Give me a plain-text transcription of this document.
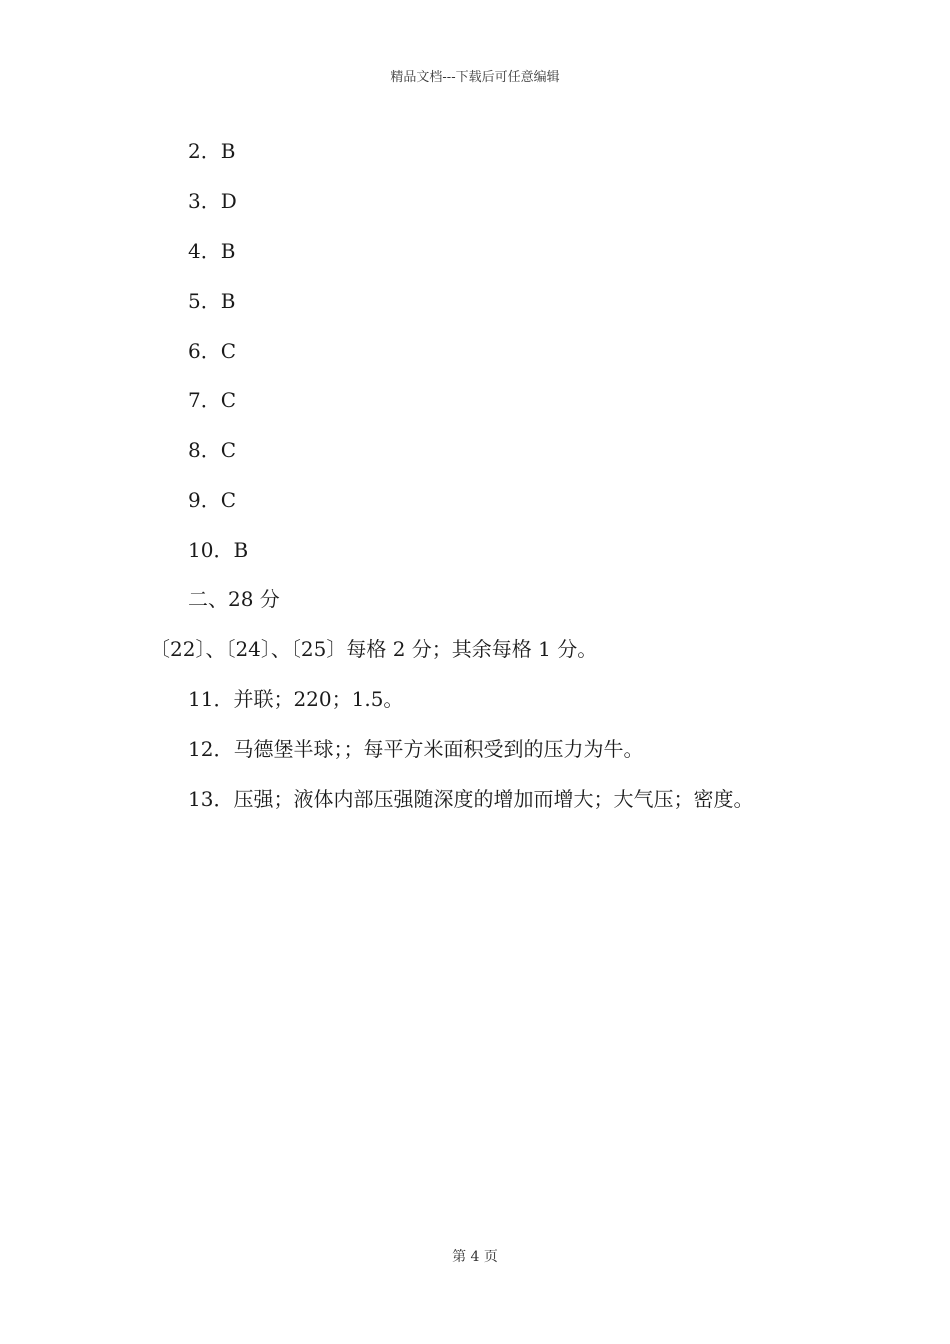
精品文档---下载后可任意编辑
2．B
3．D
4．B
5．B
6．C
7．C
8．C
9．C
10．B
二、28 分
〔22〕、〔24〕、〔25〕每格 2 分；其余每格 1 分。
11．并联；220；1.5。
12．马德堡半球；；每平方米面积受到的压力为牛。
13．压强；液体内部压强随深度的增加而增大；大气压；密度。
第 4 页
